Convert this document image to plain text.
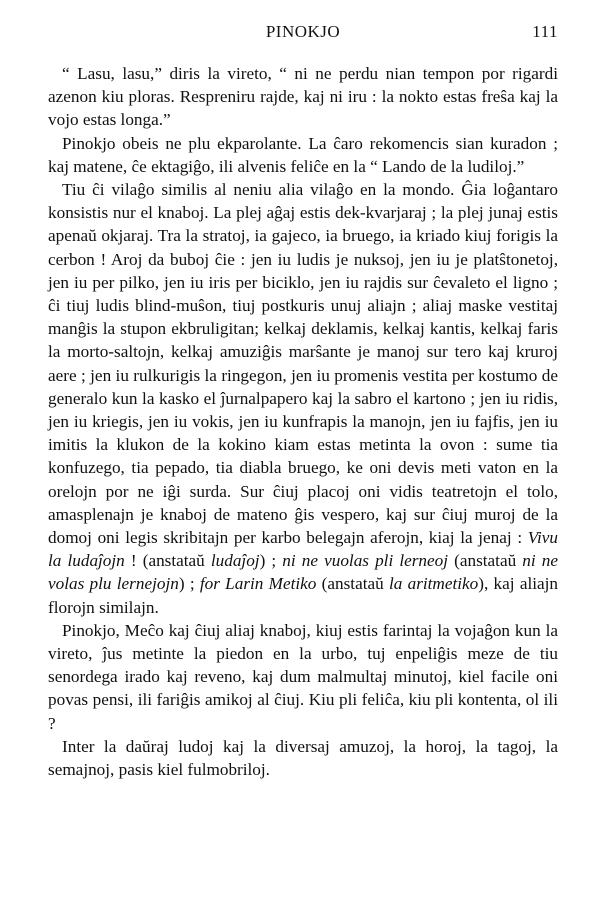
PINOKJO	111

“ Lasu, lasu,” diris la vireto, “ ni ne perdu nian tempon por rigardi azenon kiu ploras. Respreniru rajde, kaj ni iru : la nokto estas freŝa kaj la vojo estas longa.”

Pinokjo obeis ne plu ekparolante. La ĉaro rekomencis sian kuradon ; kaj matene, ĉe ektagiĝo, ili alvenis feliĉe en la “ Lando de la ludiloj.”

Tiu ĉi vilaĝo similis al neniu alia vilaĝo en la mondo. Ĝia loĝantaro konsistis nur el knaboj. La plej aĝaj estis dek-kvarjaraj ; la plej junaj estis apenaŭ okjaraj. Tra la stratoj, ia gajeco, ia bruego, ia kriado kiuj forigis la cerbon ! Aroj da buboj ĉie : jen iu ludis je nuksoj, jen iu je platŝtonetoj, jen iu per pilko, jen iu iris per biciklo, jen iu rajdis sur ĉevaleto el ligno ; ĉi tiuj ludis blind-muŝon, tiuj postkuris unuj aliajn ; aliaj maske vestitaj manĝis la stupon ekbruligitan; kelkaj deklamis, kelkaj kantis, kelkaj faris la morto-saltojn, kelkaj amuziĝis marŝante je manoj sur tero kaj kruroj aere ; jen iu rulkurigis la ringegon, jen iu promenis vestita per kostumo de generalo kun la kasko el ĵurnalpapero kaj la sabro el kartono ; jen iu ridis, jen iu kriegis, jen iu vokis, jen iu kunfrapis la manojn, jen iu fajfis, jen iu imitis la klukon de la kokino kiam estas metinta la ovon : sume tia konfuzego, tia pepado, tia diabla bruego, ke oni devis meti vaton en la orelojn por ne iĝi surda. Sur ĉiuj placoj oni vidis teatretojn el tolo, amasplenajn je knaboj de mateno ĝis vespero, kaj sur ĉiuj muroj de la domoj oni legis skribitajn per karbo belegajn aferojn, kiaj la jenaj : Vivu la ludaĵojn ! (anstataŭ ludaĵoj) ; ni ne vuolas pli lerneoj (anstataŭ ni ne volas plu lernejojn) ; for Larin Metiko (anstataŭ la aritmetiko), kaj aliajn florojn similajn.

Pinokjo, Meĉo kaj ĉiuj aliaj knaboj, kiuj estis farintaj la vojaĝon kun la vireto, ĵus metinte la piedon en la urbo, tuj enpeliĝis meze de tiu senordega irado kaj reveno, kaj dum malmultaj minutoj, kiel facile oni povas pensi, ili fariĝis amikoj al ĉiuj. Kiu pli feliĉa, kiu pli kontenta, ol ili ?

Inter la daŭraj ludoj kaj la diversaj amuzoj, la horoj, la tagoj, la semajnoj, pasis kiel fulmobriloj.
